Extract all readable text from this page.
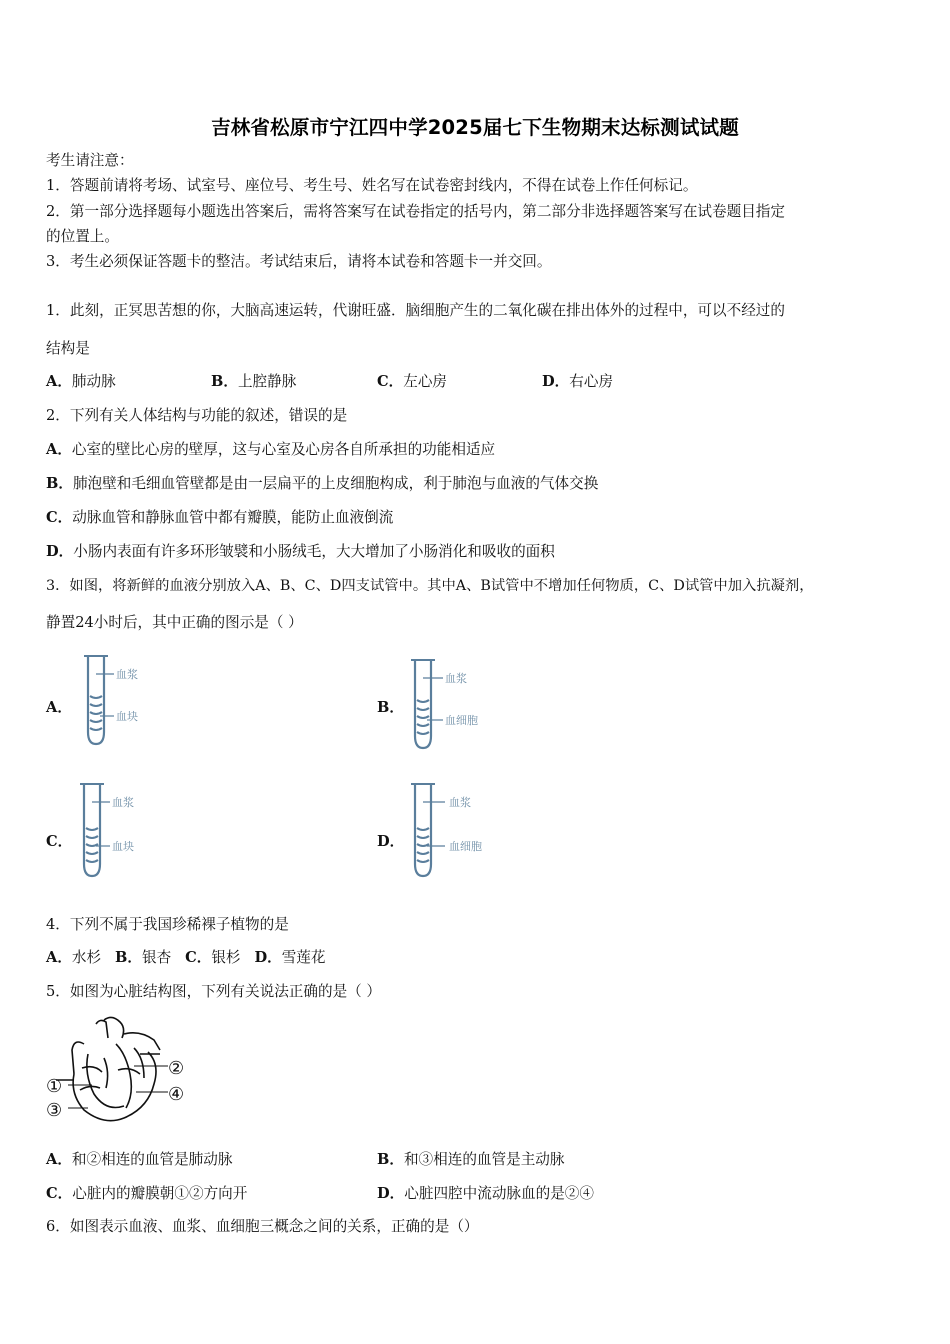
吉林省松原市宁江四中学2025届七下生物期末达标测试试题
考生请注意：
1．答题前请将考场、试室号、座位号、考生号、姓名写在试卷密封线内，不得在试卷上作任何标记。
2．第一部分选择题每小题选出答案后，需将答案写在试卷指定的括号内，第二部分非选择题答案写在试卷题目指定
的位置上。
3．考生必须保证答题卡的整洁。考试结束后，请将本试卷和答题卡一并交回。
1．此刻，正冥思苦想的你，大脑高速运转，代谢旺盛．脑细胞产生的二氧化碳在排出体外的过程中，可以不经过的
结构是
A．肺动脉	B．上腔静脉	C．左心房	D．右心房
2．下列有关人体结构与功能的叙述，错误的是
A．心室的壁比心房的壁厚，这与心室及心房各自所承担的功能相适应
B．肺泡壁和毛细血管壁都是由一层扁平的上皮细胞构成，利于肺泡与血液的气体交换
C．动脉血管和静脉血管中都有瓣膜，能防止血液倒流
D．小肠内表面有许多环形皱襞和小肠绒毛，大大增加了小肠消化和吸收的面积
3．如图，将新鲜的血液分别放入A、B、C、D四支试管中。其中A、B试管中不增加任何物质，C、D试管中加入抗凝剂，
静置24小时后，其中正确的图示是（ ）
A．
血浆
血块
B．
血浆
血细胞
C．
血浆
血块	D．
血浆
血细胞
4．下列不属于我国珍稀裸子植物的是
A．水杉 B．银杏 C．银杉 D．雪莲花
5．如图为心脏结构图，下列有关说法正确的是（ ）
①
②
③
④
A．和②相连的血管是肺动脉	B．和③相连的血管是主动脉
C．心脏内的瓣膜朝①②方向开	D．心脏四腔中流动脉血的是②④
6．如图表示血液、血浆、血细胞三概念之间的关系，正确的是（）
